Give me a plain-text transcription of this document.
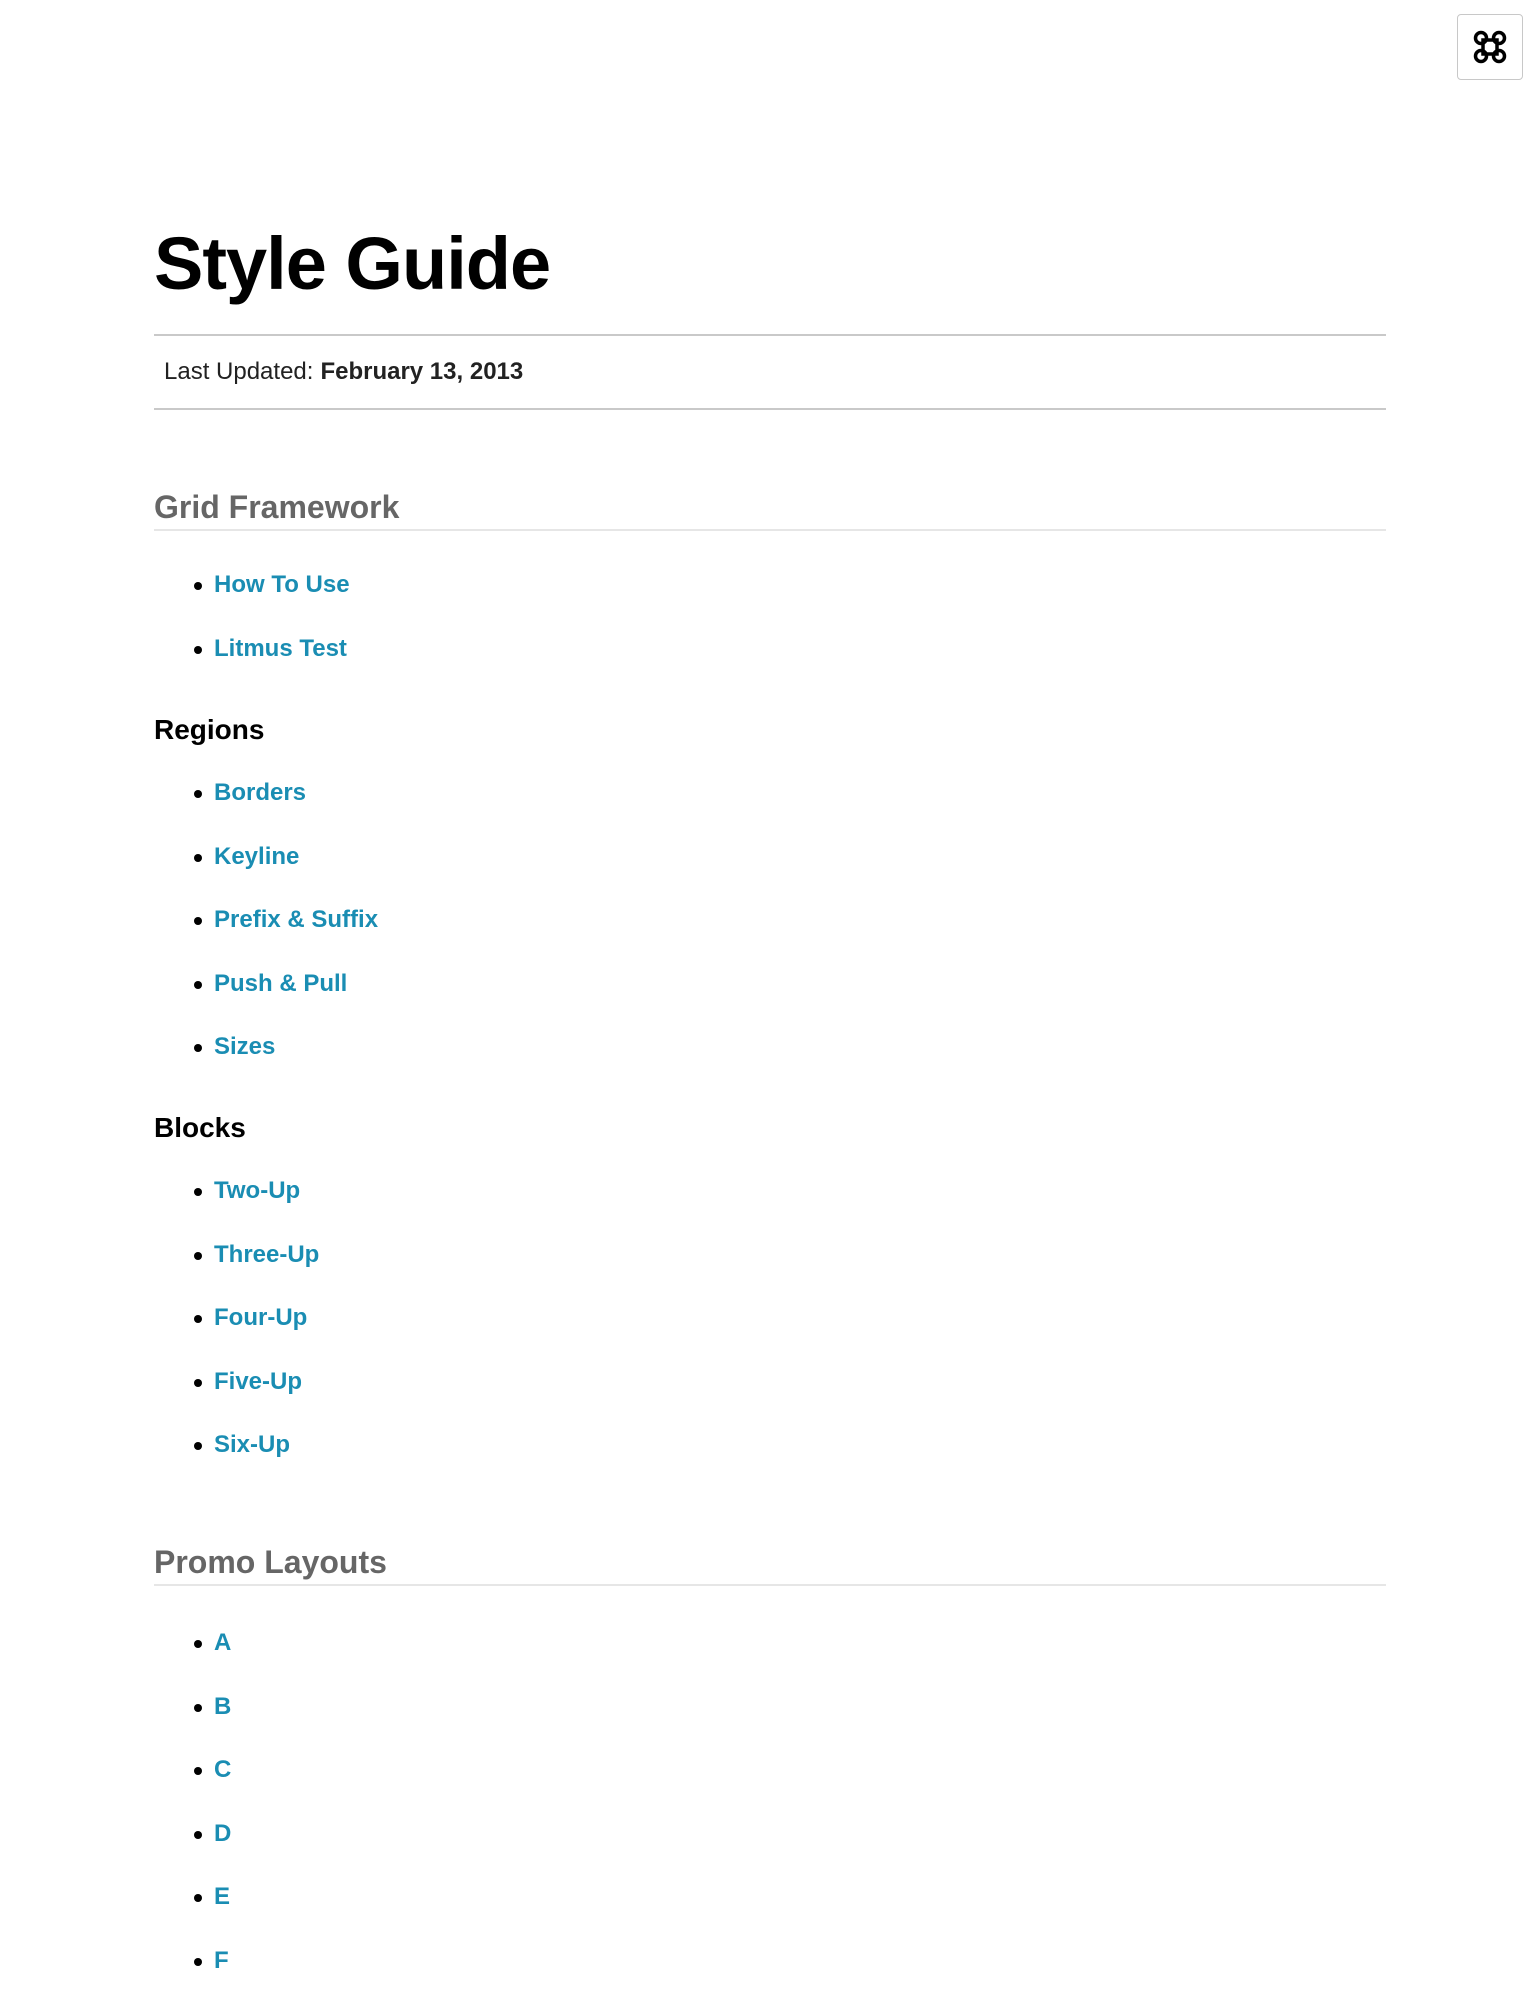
Style Guide
Last Updated: February 13, 2013
Grid Framework
How To Use
Litmus Test
Regions
Borders
Keyline
Prefix & Suffix
Push & Pull
Sizes
Blocks
Two-Up
Three-Up
Four-Up
Five-Up
Six-Up
Promo Layouts
A
B
C
D
E
F
